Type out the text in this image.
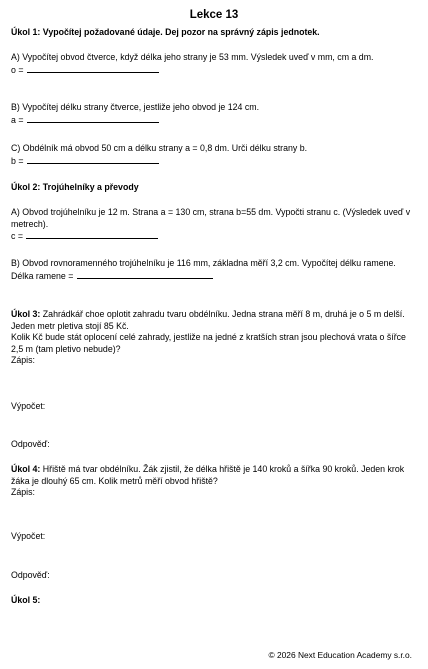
Lekce 13
Úkol 1: Vypočítej požadované údaje. Dej pozor na správný zápis jednotek.
A) Vypočítej obvod čtverce, když délka jeho strany je 53 mm. Výsledek uveď v mm, cm a dm.
o =
B) Vypočítej délku strany čtverce, jestliže jeho obvod je 124 cm.
a =
C) Obdélník má obvod 50 cm a délku strany a = 0,8 dm. Urči délku strany b.
b =
Úkol 2: Trojúhelníky a převody
A) Obvod trojúhelníku je 12 m. Strana a = 130 cm, strana b=55 dm. Vypočti stranu c. (Výsledek uveď v metrech).
c =
B) Obvod rovnoramenného trojúhelníku je 116 mm, základna měří 3,2 cm. Vypočítej délku ramene.
Délka ramene =
Úkol 3: Zahrádkář choe oplotit zahradu tvaru obdélníku. Jedna strana měří 8 m, druhá je o 5 m delší. Jeden metr pletiva stojí 85 Kč.
Kolik Kč bude stát oplocení celé zahrady, jestliže na jedné z kratších stran jsou plechová vrata o šířce 2,5 m (tam pletivo nebude)?
Zápis:
Výpočet:
Odpověď:
Úkol 4: Hřiště má tvar obdélníku. Žák zjistil, že délka hřiště je 140 kroků a šířka 90 kroků. Jeden krok žáka je dlouhý 65 cm. Kolik metrů měří obvod hřiště?
Zápis:
Výpočet:
Odpověď:
Úkol 5:
© 2026 Next Education Academy s.r.o.
